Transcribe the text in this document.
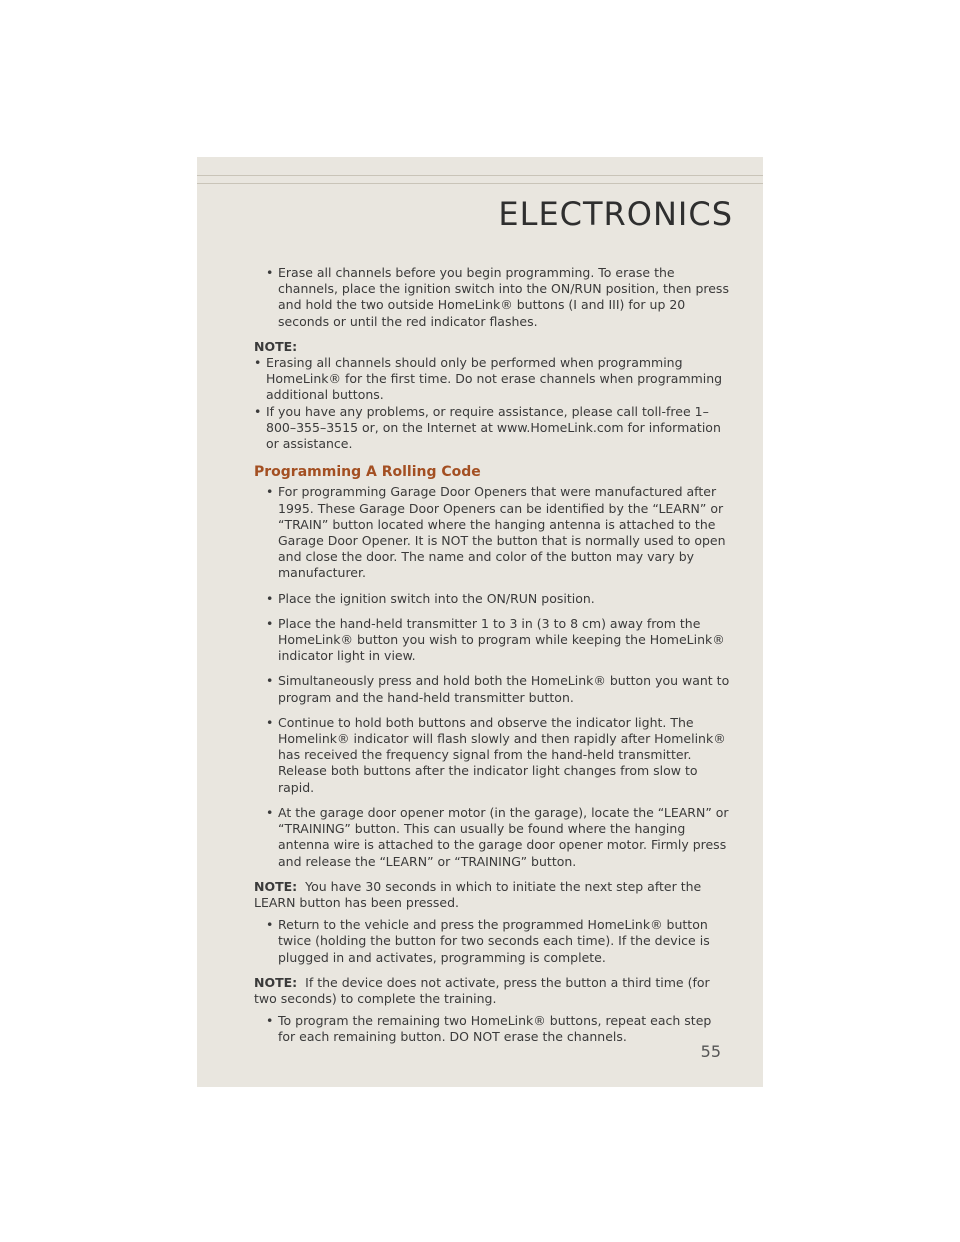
ELECTRONICS

• Erase all channels before you begin programming. To erase the channels, place the ignition switch into the ON/RUN position, then press and hold the two outside HomeLink® buttons (I and III) for up 20 seconds or until the red indicator flashes.

NOTE:

• Erasing all channels should only be performed when programming HomeLink® for the first time. Do not erase channels when programming additional buttons.

• If you have any problems, or require assistance, please call toll-free 1–800–355–3515 or, on the Internet at www.HomeLink.com for information or assistance.

Programming A Rolling Code

• For programming Garage Door Openers that were manufactured after 1995. These Garage Door Openers can be identified by the “LEARN” or “TRAIN” button located where the hanging antenna is attached to the Garage Door Opener. It is NOT the button that is normally used to open and close the door. The name and color of the button may vary by manufacturer.

• Place the ignition switch into the ON/RUN position.

• Place the hand-held transmitter 1 to 3 in (3 to 8 cm) away from the HomeLink® button you wish to program while keeping the HomeLink® indicator light in view.

• Simultaneously press and hold both the HomeLink® button you want to program and the hand-held transmitter button.

• Continue to hold both buttons and observe the indicator light. The Homelink® indicator will flash slowly and then rapidly after Homelink® has received the frequency signal from the hand-held transmitter. Release both buttons after the indicator light changes from slow to rapid.

• At the garage door opener motor (in the garage), locate the “LEARN” or “TRAINING” button. This can usually be found where the hanging antenna wire is attached to the garage door opener motor. Firmly press and release the “LEARN” or “TRAINING” button.

NOTE: You have 30 seconds in which to initiate the next step after the LEARN button has been pressed.

• Return to the vehicle and press the programmed HomeLink® button twice (holding the button for two seconds each time). If the device is plugged in and activates, programming is complete.

NOTE: If the device does not activate, press the button a third time (for two seconds) to complete the training.

• To program the remaining two HomeLink® buttons, repeat each step for each remaining button. DO NOT erase the channels.

55
